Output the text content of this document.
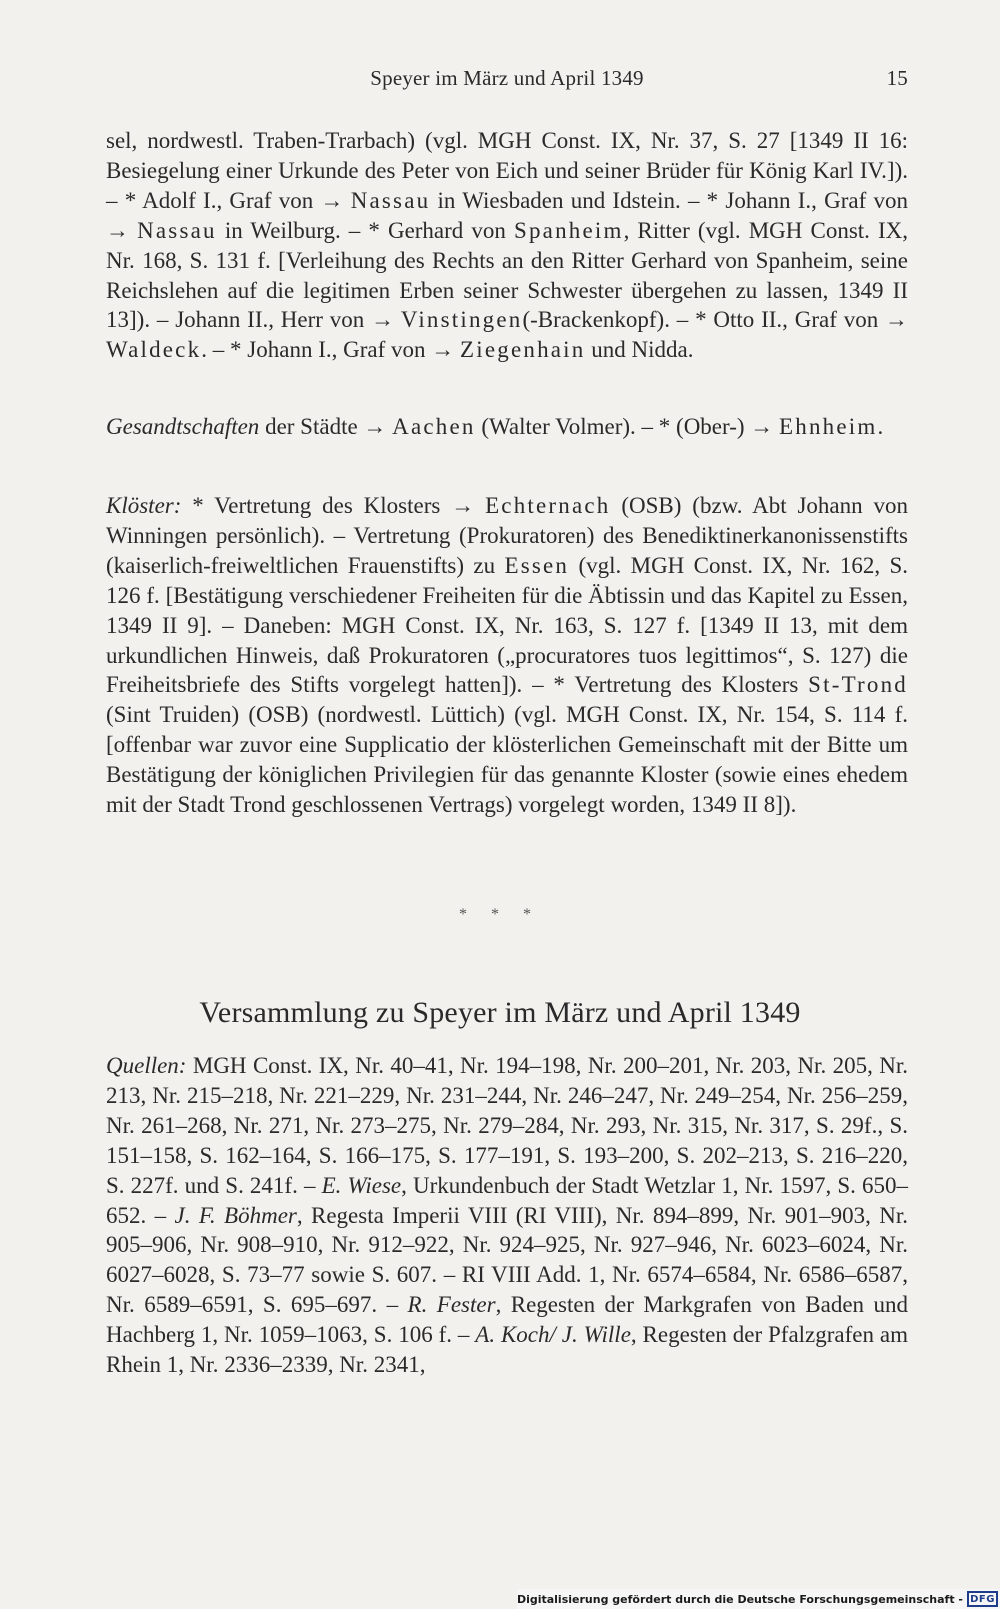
Speyer im März und April 1349	15
sel, nordwestl. Traben-Trarbach) (vgl. MGH Const. IX, Nr. 37, S. 27 [1349 II 16: Besiegelung einer Urkunde des Peter von Eich und seiner Brüder für König Karl IV.]). – * Adolf I., Graf von → Nassau in Wiesbaden und Idstein. – * Johann I., Graf von → Nassau in Weilburg. – * Gerhard von Spanheim, Ritter (vgl. MGH Const. IX, Nr. 168, S. 131 f. [Verleihung des Rechts an den Ritter Gerhard von Spanheim, seine Reichslehen auf die legitimen Erben seiner Schwester übergehen zu lassen, 1349 II 13]). – Johann II., Herr von → Vinstingen(-Brackenkopf). – * Otto II., Graf von → Waldeck. – * Johann I., Graf von → Ziegenhain und Nidda.
Gesandtschaften der Städte → Aachen (Walter Volmer). – * (Ober-) → Ehnheim.
Klöster: * Vertretung des Klosters → Echternach (OSB) (bzw. Abt Johann von Winningen persönlich). – Vertretung (Prokuratoren) des Benediktinerkanonissenstifts (kaiserlich-freiweltlichen Frauenstifts) zu Essen (vgl. MGH Const. IX, Nr. 162, S. 126 f. [Bestätigung verschiedener Freiheiten für die Äbtissin und das Kapitel zu Essen, 1349 II 9]. – Daneben: MGH Const. IX, Nr. 163, S. 127 f. [1349 II 13, mit dem urkundlichen Hinweis, daß Prokuratoren („procuratores tuos legittimos“, S. 127) die Freiheitsbriefe des Stifts vorgelegt hatten]). – * Vertretung des Klosters St-Trond (Sint Truiden) (OSB) (nordwestl. Lüttich) (vgl. MGH Const. IX, Nr. 154, S. 114 f. [offenbar war zuvor eine Supplicatio der klösterlichen Gemeinschaft mit der Bitte um Bestätigung der königlichen Privilegien für das genannte Kloster (sowie eines ehedem mit der Stadt Trond geschlossenen Vertrags) vorgelegt worden, 1349 II 8]).
* * *
Versammlung zu Speyer im März und April 1349
Quellen: MGH Const. IX, Nr. 40–41, Nr. 194–198, Nr. 200–201, Nr. 203, Nr. 205, Nr. 213, Nr. 215–218, Nr. 221–229, Nr. 231–244, Nr. 246–247, Nr. 249–254, Nr. 256–259, Nr. 261–268, Nr. 271, Nr. 273–275, Nr. 279–284, Nr. 293, Nr. 315, Nr. 317, S. 29f., S. 151–158, S. 162–164, S. 166–175, S. 177–191, S. 193–200, S. 202–213, S. 216–220, S. 227f. und S. 241f. – E. Wiese, Urkundenbuch der Stadt Wetzlar 1, Nr. 1597, S. 650–652. – J. F. Böhmer, Regesta Imperii VIII (RI VIII), Nr. 894–899, Nr. 901–903, Nr. 905–906, Nr. 908–910, Nr. 912–922, Nr. 924–925, Nr. 927–946, Nr. 6023–6024, Nr. 6027–6028, S. 73–77 sowie S. 607. – RI VIII Add. 1, Nr. 6574–6584, Nr. 6586–6587, Nr. 6589–6591, S. 695–697. – R. Fester, Regesten der Markgrafen von Baden und Hachberg 1, Nr. 1059–1063, S. 106 f. – A. Koch/ J. Wille, Regesten der Pfalzgrafen am Rhein 1, Nr. 2336–2339, Nr. 2341,
Digitalisierung gefördert durch die Deutsche Forschungsgemeinschaft - DFG
